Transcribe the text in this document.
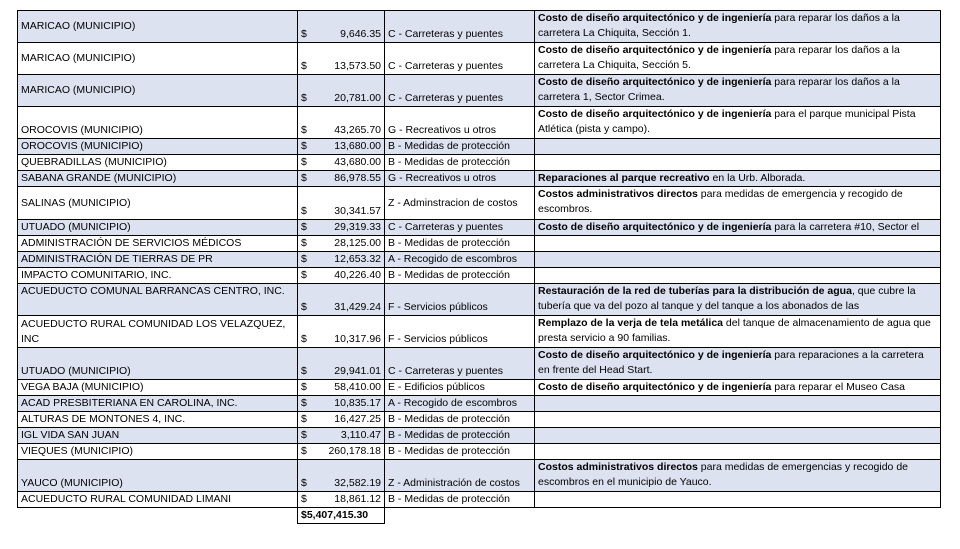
MARICAO (MUNICIPIO)	$ 9,646.35	C - Carreteras y puentes	Costo de diseño arquitectónico y de ingeniería para reparar los daños a la carretera La Chiquita, Sección 1.
MARICAO (MUNICIPIO)	$ 13,573.50	C - Carreteras y puentes	Costo de diseño arquitectónico y de ingeniería para reparar los daños a la carretera La Chiquita, Sección 5.
MARICAO (MUNICIPIO)	$ 20,781.00	C - Carreteras y puentes	Costo de diseño arquitectónico y de ingeniería para reparar los daños a la carretera 1, Sector Crimea.
OROCOVIS (MUNICIPIO)	$ 43,265.70	G - Recreativos u otros	Costo de diseño arquitectónico y de ingeniería para el parque municipal Pista Atlética (pista y campo).
OROCOVIS (MUNICIPIO)	$ 13,680.00	B - Medidas de protección	
QUEBRADILLAS (MUNICIPIO)	$ 43,680.00	B - Medidas de protección	
SABANA GRANDE (MUNICIPIO)	$ 86,978.55	G - Recreativos u otros	Reparaciones al parque recreativo en la Urb. Alborada.
SALINAS (MUNICIPIO)	$ 30,341.57	Z - Adminstracion de costos	Costos administrativos directos para medidas de emergencia y recogido de escombros.
UTUADO (MUNICIPIO)	$ 29,319.33	C - Carreteras y puentes	Costo de diseño arquitectónico y de ingeniería para la carretera #10, Sector el
ADMINISTRACIÓN DE SERVICIOS MÉDICOS	$ 28,125.00	B - Medidas de protección	
ADMINISTRACIÓN DE TIERRAS DE PR	$ 12,653.32	A - Recogido de escombros	
IMPACTO COMUNITARIO, INC.	$ 40,226.40	B - Medidas de protección	
ACUEDUCTO COMUNAL BARRANCAS CENTRO, INC.	$ 31,429.24	F - Servicios públicos	Restauración de la red de tuberías para la distribución de agua, que cubre la tubería que va del pozo al tanque y del tanque a los abonados de las
ACUEDUCTO RURAL COMUNIDAD LOS VELAZQUEZ, INC	$ 10,317.96	F - Servicios públicos	Remplazo de la verja de tela metálica del tanque de almacenamiento de agua que presta servicio a 90 familias.
UTUADO (MUNICIPIO)	$ 29,941.01	C - Carreteras y puentes	Costo de diseño arquitectónico y de ingeniería para reparaciones a la carretera en frente del Head Start.
VEGA BAJA (MUNICIPIO)	$ 58,410.00	E - Edificios públicos	Costo de diseño arquitectónico y de ingeniería para reparar el Museo Casa
ACAD PRESBITERIANA EN CAROLINA, INC.	$ 10,835.17	A - Recogido de escombros	
ALTURAS DE MONTONES 4, INC.	$ 16,427.25	B - Medidas de protección	
IGL VIDA SAN JUAN	$ 3,110.47	B - Medidas de protección	
VIEQUES (MUNICIPIO)	$ 260,178.18	B - Medidas de protección	
YAUCO (MUNICIPIO)	$ 32,582.19	Z - Administración de costos	Costos administrativos directos para medidas de emergencias y recogido de escombros en el municipio de Yauco.
ACUEDUCTO RURAL COMUNIDAD LIMANI	$ 18,861.12	B - Medidas de protección	

	$5,407,415.30		
